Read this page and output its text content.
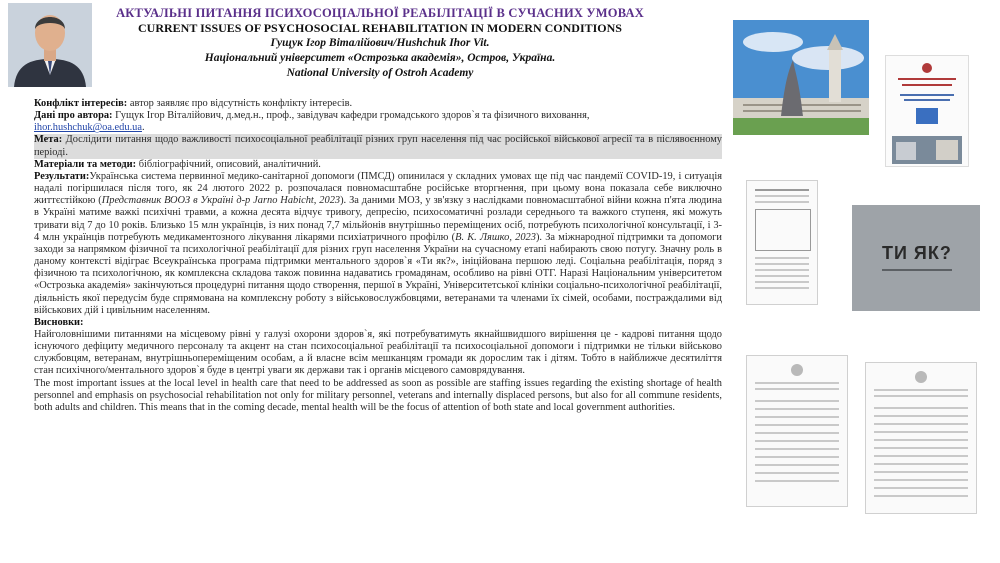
АКТУАЛЬНІ ПИТАННЯ ПСИХОСОЦІАЛЬНОЇ РЕАБІЛІТАЦІЇ В СУЧАСНИХ УМОВАХ
CURRENT ISSUES OF PSYCHOSOCIAL REHABILITATION IN MODERN CONDITIONS
Гущук Ігор Віталійович/Hushchuk Ihor Vit.
Національний університет «Острозька академія», Остров, Україна.
National University of Ostroh Academy

Конфлікт інтересів: автор заявляє про відсутність конфлікту інтересів.

Дані про автора: Гущук Ігор Віталійович, д.мед.н., проф., завідувач кафедри громадського здоров`я та фізичного виховання,
ihor.hushchuk@oa.edu.ua.

Мета: Дослідити питання щодо важливості психосоціальної реабілітації різних груп населення під час російської військової агресії та в післявоєнному періоді.

Матеріали та методи: бібліографічний, описовий, аналітичний.

Результати:Українська система первинної медико-санітарної допомоги (ПМСД) опинилася у складних умовах ще під час пандемії COVID-19, і ситуація надалі погіршилася після того, як 24 лютого 2022 р. розпочалася повномасштабне російське вторгнення, при цьому вона показала себе виключно життєстійкою (Представник ВООЗ в Україні д-р Jarno Habicht, 2023). За даними МОЗ, у зв'язку з наслідками повномасштабної війни кожна п'ята людина в Україні матиме важкі психічні травми, а кожна десята відчує тривогу, депресію, психосоматичні розлади середнього та важкого ступеня, які можуть тривати від 7 до 10 років. Близько 15 млн українців, із них понад 7,7 мільйонів внутрішньо переміщених осіб, потребують психологічної консультації, і 3-4 млн українців потребують медикаментозного лікування лікарями психіатричного профілю (В. К. Ляшко, 2023). За міжнародної підтримки та допомоги заходи за напрямком фізичної та психологічної реабілітації для різних груп населення України на сучасному етапі набирають свою потугу. Значну роль в даному контексті відіграє Всеукраїнська програма підтримки ментального здоров`я «Ти як?», ініційована першою леді. Соціальна реабілітація, поряд з фізичною та психологічною, як комплексна складова також повинна надаватись громадянам, особливо на рівні ОТГ. Наразі Національним університетом «Острозька академія» закінчуються процедурні питання щодо створення, першої в Україні, Університетської клініки соціально-психологічної реабілітації, діяльність якої передусім буде спрямована на комплексну роботу з військовослужбовцями, ветеранами та членами їх сімей, особами, постраждалими від військових дій і цивільним населенням.

Висновки:
Найголовнішими питаннями на місцевому рівні у галузі охорони здоров`я, які потребуватимуть якнайшвидшого вирішення це - кадрові питання щодо існуючого дефіциту медичного персоналу та акцент на стан психосоціальної реабілітації та психосоціальної допомоги і підтримки не тільки військово службовцям, ветеранам, внутрішньопереміщеним особам, а й власне всім мешканцям громади як дорослим так і дітям. Тобто в найближче десятиліття стан психічного/ментального здоров`я буде в центрі уваги як держави так і органів місцевого самоврядування.
The most important issues at the local level in health care that need to be addressed as soon as possible are staffing issues regarding the existing shortage of health personnel and emphasis on psychosocial rehabilitation not only for military personnel, veterans and internally displaced persons, but also for all commune residents, both adults and children. This means that in the coming decade, mental health will be the focus of attention of both state and local government authorities.

ТИ ЯК?
